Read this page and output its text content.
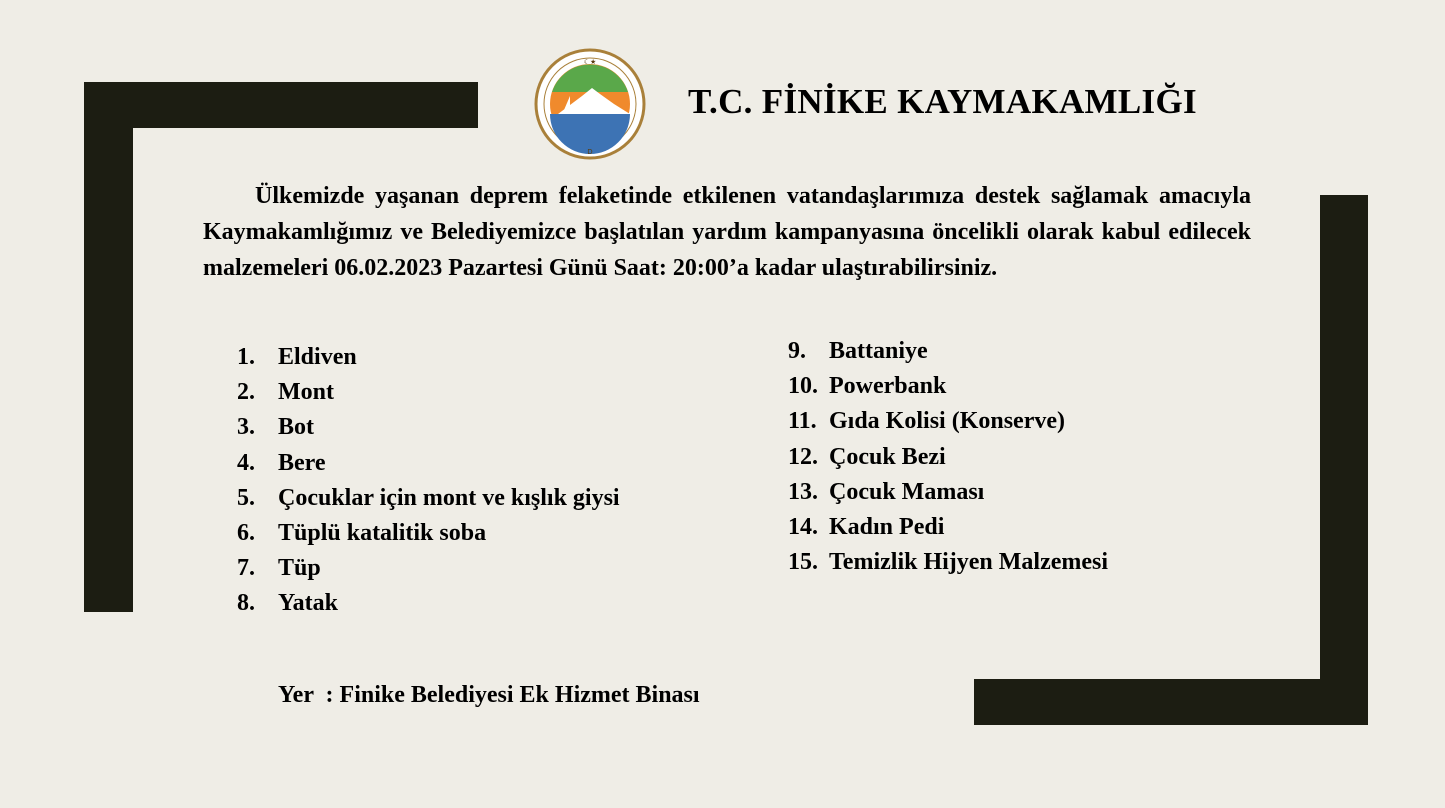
☾★
D
T.C. FİNİKE KAYMAKAMLIĞI

Ülkemizde yaşanan deprem felaketinde etkilenen vatandaşlarımıza destek sağlamak amacıyla Kaymakamlığımız ve Belediyemizce başlatılan yardım kampanyasına öncelikli olarak kabul edilecek malzemeleri 06.02.2023 Pazartesi Günü Saat: 20:00’a kadar ulaştırabilirsiniz.

1. Eldiven
2. Mont
3. Bot
4. Bere
5. Çocuklar için mont ve kışlık giysi
6. Tüplü katalitik soba
7. Tüp
8. Yatak
9. Battaniye
10. Powerbank
11. Gıda Kolisi (Konserve)
12. Çocuk Bezi
13. Çocuk Maması
14. Kadın Pedi
15. Temizlik Hijyen Malzemesi
Yer  : Finike Belediyesi Ek Hizmet Binası
